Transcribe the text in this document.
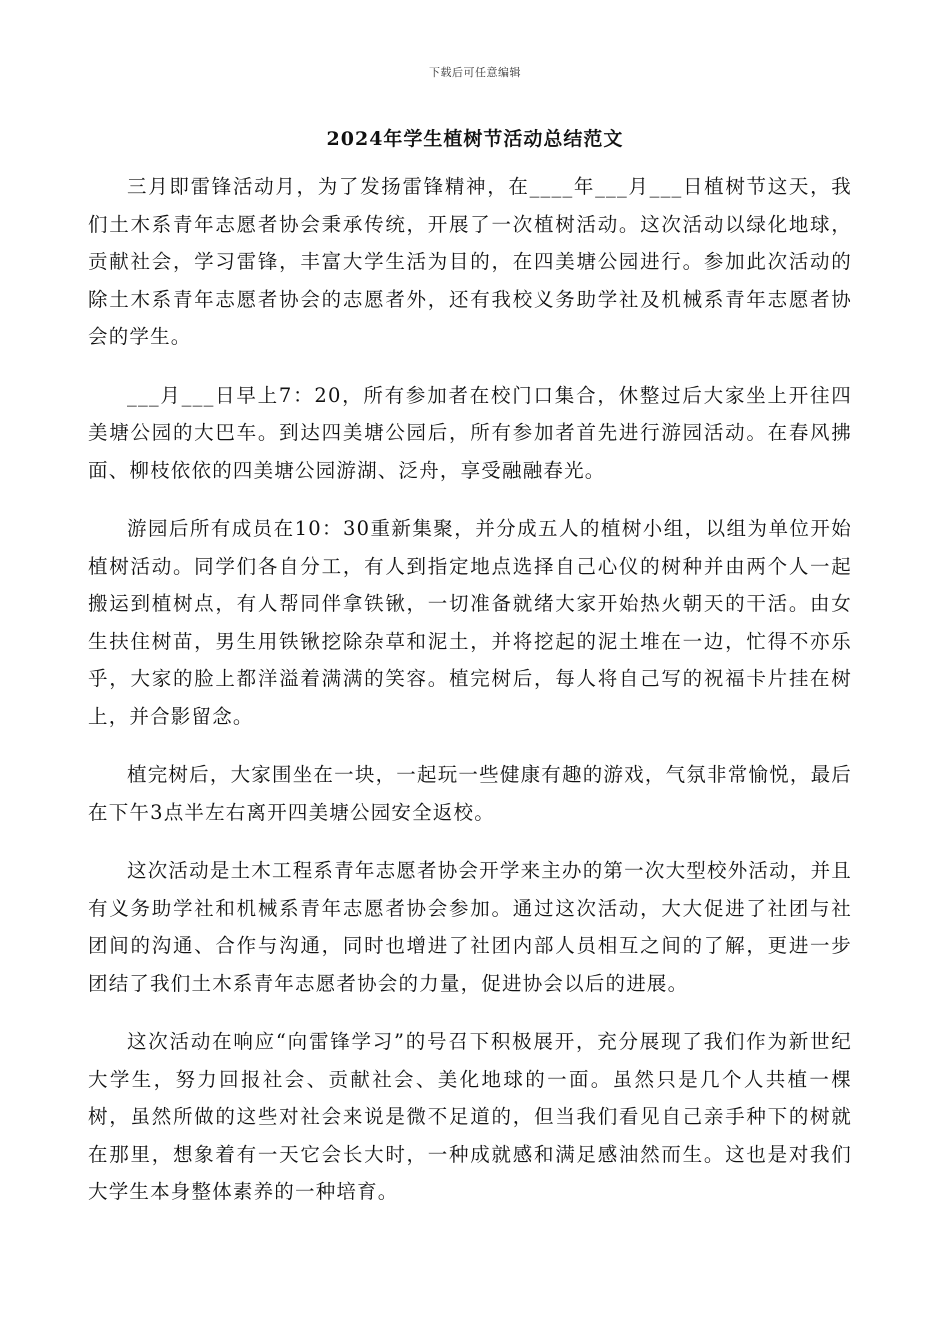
下载后可任意编辑
2024年学生植树节活动总结范文

三月即雷锋活动月，为了发扬雷锋精神，在____年___月___日植树节这天，我们土木系青年志愿者协会秉承传统，开展了一次植树活动。这次活动以绿化地球，贡献社会，学习雷锋，丰富大学生活为目的，在四美塘公园进行。参加此次活动的除土木系青年志愿者协会的志愿者外，还有我校义务助学社及机械系青年志愿者协会的学生。

___月___日早上7：20，所有参加者在校门口集合，休整过后大家坐上开往四美塘公园的大巴车。到达四美塘公园后，所有参加者首先进行游园活动。在春风拂面、柳枝依依的四美塘公园游湖、泛舟，享受融融春光。

游园后所有成员在10：30重新集聚，并分成五人的植树小组，以组为单位开始植树活动。同学们各自分工，有人到指定地点选择自己心仪的树种并由两个人一起搬运到植树点，有人帮同伴拿铁锹，一切准备就绪大家开始热火朝天的干活。由女生扶住树苗，男生用铁锹挖除杂草和泥土，并将挖起的泥土堆在一边，忙得不亦乐乎，大家的脸上都洋溢着满满的笑容。植完树后，每人将自己写的祝福卡片挂在树上，并合影留念。

植完树后，大家围坐在一块，一起玩一些健康有趣的游戏，气氛非常愉悦，最后在下午3点半左右离开四美塘公园安全返校。

这次活动是土木工程系青年志愿者协会开学来主办的第一次大型校外活动，并且有义务助学社和机械系青年志愿者协会参加。通过这次活动，大大促进了社团与社团间的沟通、合作与沟通，同时也增进了社团内部人员相互之间的了解，更进一步团结了我们土木系青年志愿者协会的力量，促进协会以后的进展。

这次活动在响应“向雷锋学习”的号召下积极展开，充分展现了我们作为新世纪大学生，努力回报社会、贡献社会、美化地球的一面。虽然只是几个人共植一棵树，虽然所做的这些对社会来说是微不足道的，但当我们看见自己亲手种下的树就在那里，想象着有一天它会长大时，一种成就感和满足感油然而生。这也是对我们大学生本身整体素养的一种培育。
